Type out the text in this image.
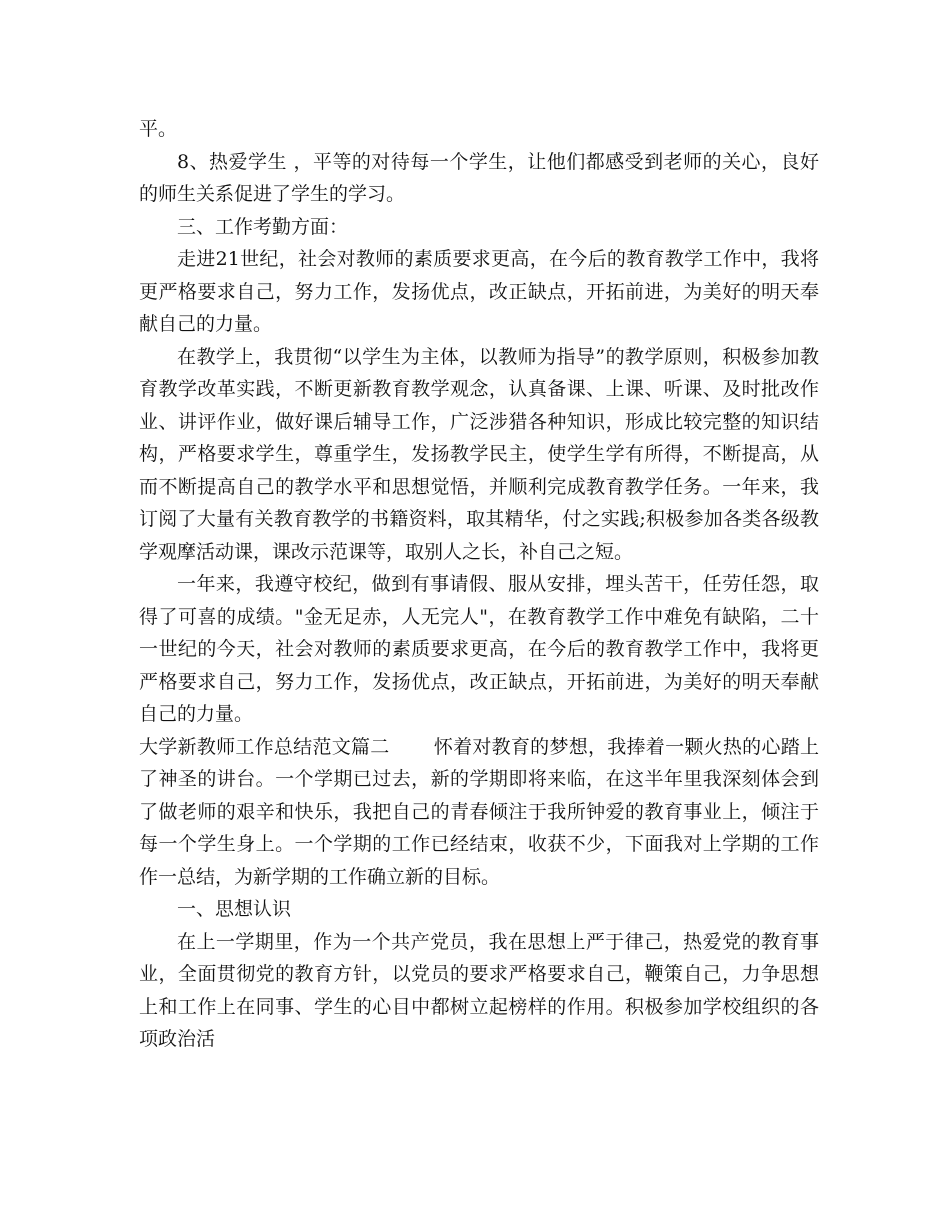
平。

8、热爱学生 ，平等的对待每一个学生，让他们都感受到老师的关心，良好的师生关系促进了学生的学习。

三、工作考勤方面：

走进21世纪，社会对教师的素质要求更高，在今后的教育教学工作中，我将更严格要求自己，努力工作，发扬优点，改正缺点，开拓前进，为美好的明天奉献自己的力量。

在教学上，我贯彻“以学生为主体，以教师为指导”的教学原则，积极参加教育教学改革实践，不断更新教育教学观念，认真备课、上课、听课、及时批改作业、讲评作业，做好课后辅导工作，广泛涉猎各种知识，形成比较完整的知识结构，严格要求学生，尊重学生，发扬教学民主，使学生学有所得，不断提高，从而不断提高自己的教学水平和思想觉悟，并顺利完成教育教学任务。一年来，我订阅了大量有关教育教学的书籍资料，取其精华，付之实践;积极参加各类各级教学观摩活动课，课改示范课等，取别人之长，补自己之短。

一年来，我遵守校纪，做到有事请假、服从安排，埋头苦干，任劳任怨，取得了可喜的成绩。"金无足赤，人无完人"，在教育教学工作中难免有缺陷，二十一世纪的今天，社会对教师的素质要求更高，在今后的教育教学工作中，我将更严格要求自己，努力工作，发扬优点，改正缺点，开拓前进，为美好的明天奉献自己的力量。

大学新教师工作总结范文篇二 怀着对教育的梦想，我捧着一颗火热的心踏上了神圣的讲台。一个学期已过去，新的学期即将来临，在这半年里我深刻体会到了做老师的艰辛和快乐，我把自己的青春倾注于我所钟爱的教育事业上，倾注于每一个学生身上。一个学期的工作已经结束，收获不少，下面我对上学期的工作作一总结，为新学期的工作确立新的目标。

一、思想认识

在上一学期里，作为一个共产党员，我在思想上严于律己，热爱党的教育事业，全面贯彻党的教育方针，以党员的要求严格要求自己，鞭策自己，力争思想上和工作上在同事、学生的心目中都树立起榜样的作用。积极参加学校组织的各项政治活
